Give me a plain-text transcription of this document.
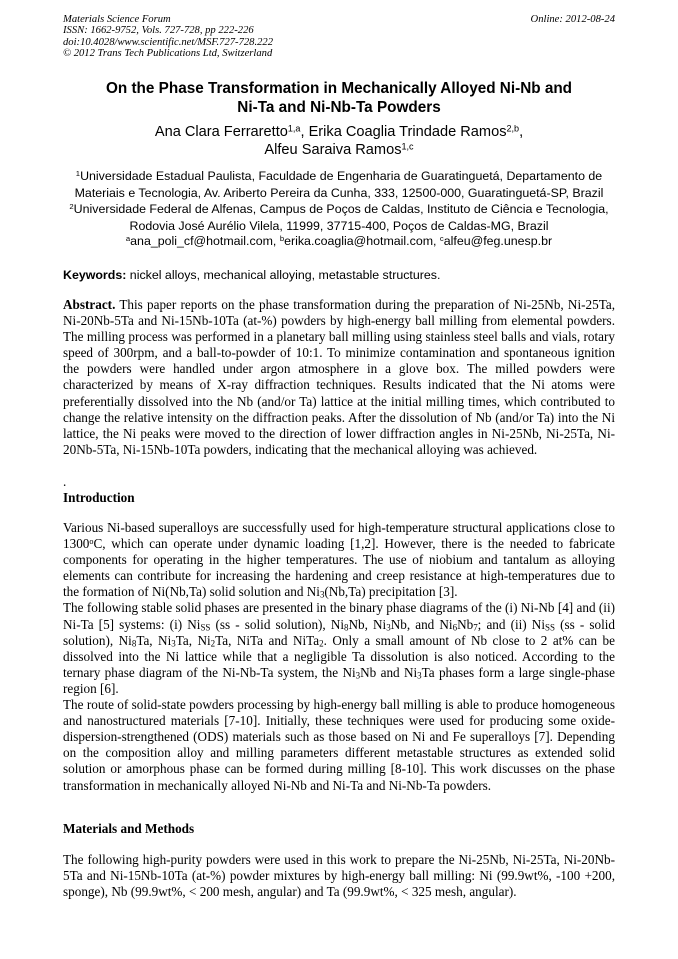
Materials Science Forum
ISSN: 1662-9752, Vols. 727-728, pp 222-226
doi:10.4028/www.scientific.net/MSF.727-728.222
© 2012 Trans Tech Publications Ltd, Switzerland
Online: 2012-08-24
On the Phase Transformation in Mechanically Alloyed Ni-Nb and
Ni-Ta and Ni-Nb-Ta Powders
Ana Clara Ferraretto$^{1,a}$, Erika Coaglia Trindade Ramos$^{2,b}$,
Alfeu Saraiva Ramos$^{1,c}$
$^1$Universidade Estadual Paulista, Faculdade de Engenharia de Guaratinguetá, Departamento de
Materiais e Tecnologia, Av. Ariberto Pereira da Cunha, 333, 12500-000, Guaratinguetá-SP, Brazil
$^2$Universidade Federal de Alfenas, Campus de Poços de Caldas, Instituto de Ciência e Tecnologia,
Rodovia José Aurélio Vilela, 11999, 37715-400, Poços de Caldas-MG, Brazil
$^a$ana_poli_cf@hotmail.com, $^b$erika.coaglia@hotmail.com, $^c$alfeu@feg.unesp.br
Keywords: nickel alloys, mechanical alloying, metastable structures.

Abstract. This paper reports on the phase transformation during the preparation of Ni-25Nb, Ni-25Ta, Ni-20Nb-5Ta and Ni-15Nb-10Ta (at-%) powders by high-energy ball milling from elemental powders. The milling process was performed in a planetary ball milling using stainless steel balls and vials, rotary speed of 300rpm, and a ball-to-powder of 10:1. To minimize contamination and spontaneous ignition the powders were handled under argon atmosphere in a glove box. The milled powders were characterized by means of X-ray diffraction techniques. Results indicated that the Ni atoms were preferentially dissolved into the Nb (and/or Ta) lattice at the initial milling times, which contributed to change the relative intensity on the diffraction peaks. After the dissolution of Nb (and/or Ta) into the Ni lattice, the Ni peaks were moved to the direction of lower diffraction angles in Ni-25Nb, Ni-25Ta, Ni-20Nb-5Ta, Ni-15Nb-10Ta powders, indicating that the mechanical alloying was achieved.

.
Introduction

Various Ni-based superalloys are successfully used for high-temperature structural applications close to 1300$^o$C, which can operate under dynamic loading [1,2]. However, there is the needed to fabricate components for operating in the higher temperatures. The use of niobium and tantalum as alloying elements can contribute for increasing the hardening and creep resistance at high-temperatures due to the formation of Ni(Nb,Ta) solid solution and $Ni_3(Nb,Ta)$ precipitation [3].

The following stable solid phases are presented in the binary phase diagrams of the (i) Ni-Nb [4] and (ii) Ni-Ta [5] systems: (i) $Ni_{SS}$ (ss - solid solution), $Ni_8Nb$, $Ni_3Nb$, and $Ni_6Nb_7$; and (ii) $Ni_{SS}$ (ss - solid solution), $Ni_8Ta$, $Ni_3Ta$, $Ni_2Ta$, NiTa and NiTa$_2$. Only a small amount of Nb close to 2 at% can be dissolved into the Ni lattice while that a negligible Ta dissolution is also noticed. According to the ternary phase diagram of the Ni-Nb-Ta system, the $Ni_3Nb$ and $Ni_3Ta$ phases form a large single-phase region [6].

The route of solid-state powders processing by high-energy ball milling is able to produce homogeneous and nanostructured materials [7-10]. Initially, these techniques were used for producing some oxide-dispersion-strengthened (ODS) materials such as those based on Ni and Fe superalloys [7]. Depending on the composition alloy and milling parameters different metastable structures as extended solid solution or amorphous phase can be formed during milling [8-10]. This work discusses on the phase transformation in mechanically alloyed Ni-Nb and Ni-Ta and Ni-Nb-Ta powders.

Materials and Methods

The following high-purity powders were used in this work to prepare the Ni-25Nb, Ni-25Ta, Ni-20Nb-5Ta and Ni-15Nb-10Ta (at-%) powder mixtures by high-energy ball milling: Ni (99.9wt%, -100 +200, sponge), Nb (99.9wt%, < 200 mesh, angular) and Ta (99.9wt%, < 325 mesh, angular).
